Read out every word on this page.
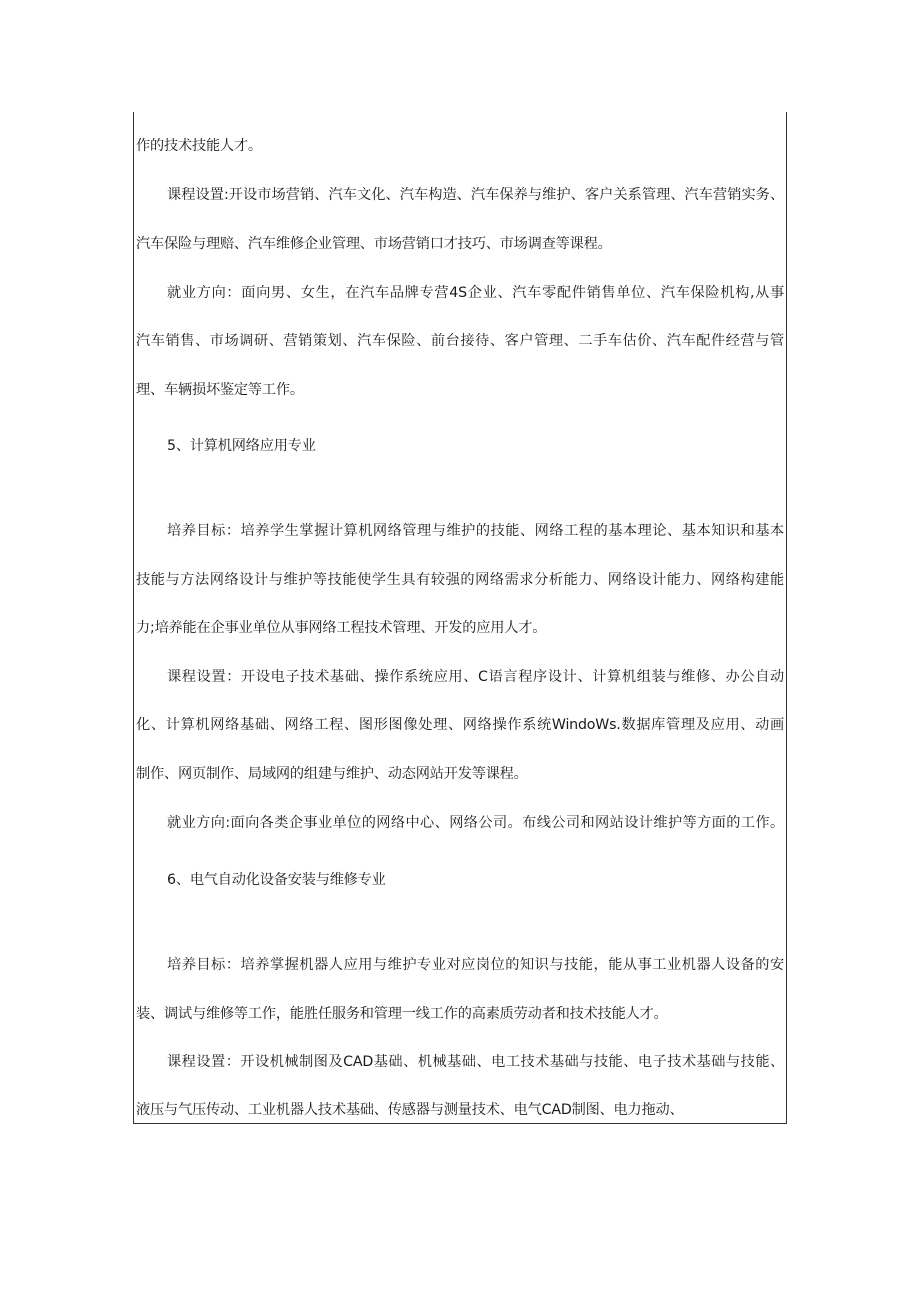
作的技术技能人才。
课程设置:开设市场营销、汽车文化、汽车构造、汽车保养与维护、客户关系管理、汽车营销实务、
汽车保险与理赔、汽车维修企业管理、市场营销口才技巧、市场调查等课程。
就业方向：面向男、女生，在汽车品牌专营4S企业、汽车零配件销售单位、汽车保险机构,从事
汽车销售、市场调研、营销策划、汽车保险、前台接待、客户管理、二手车估价、汽车配件经营与管
理、车辆损坏鉴定等工作。
5、计算机网络应用专业
培养目标：培养学生掌握计算机网络管理与维护的技能、网络工程的基本理论、基本知识和基本
技能与方法网络设计与维护等技能使学生具有较强的网络需求分析能力、网络设计能力、网络构建能
力;培养能在企事业单位从事网络工程技术管理、开发的应用人才。
课程设置：开设电子技术基础、操作系统应用、C语言程序设计、计算机组装与维修、办公自动
化、计算机网络基础、网络工程、图形图像处理、网络操作系统WindoWs.数据库管理及应用、动画
制作、网页制作、局域网的组建与维护、动态网站开发等课程。
就业方向:面向各类企事业单位的网络中心、网络公司。布线公司和网站设计维护等方面的工作。
6、电气自动化设备安装与维修专业
培养目标：培养掌握机器人应用与维护专业对应岗位的知识与技能，能从事工业机器人设备的安
装、调试与维修等工作，能胜任服务和管理一线工作的高素质劳动者和技术技能人才。
课程设置：开设机械制图及CAD基础、机械基础、电工技术基础与技能、电子技术基础与技能、
液压与气压传动、工业机器人技术基础、传感器与测量技术、电气CAD制图、电力拖动、
